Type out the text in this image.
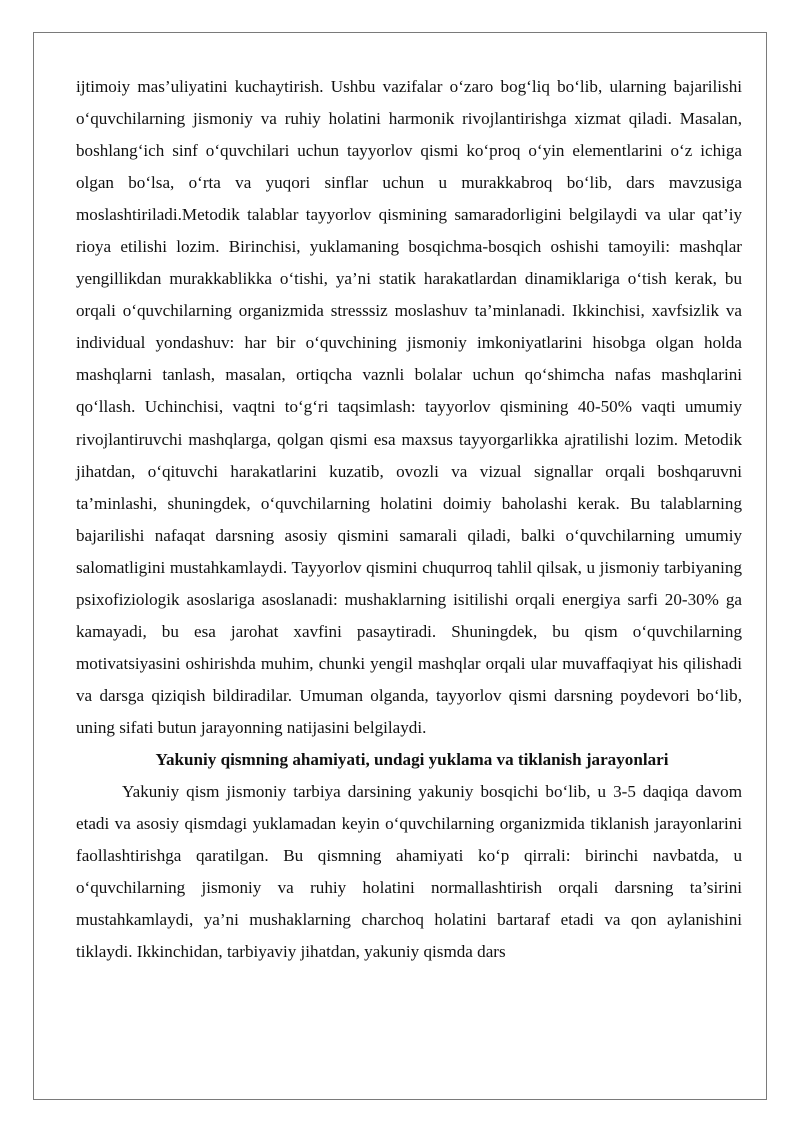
ijtimoiy mas’uliyatini kuchaytirish. Ushbu vazifalar o‘zaro bog‘liq bo‘lib, ularning bajarilishi o‘quvchilarning jismoniy va ruhiy holatini harmonik rivojlantirishga xizmat qiladi. Masalan, boshlang‘ich sinf o‘quvchilari uchun tayyorlov qismi ko‘proq o‘yin elementlarini o‘z ichiga olgan bo‘lsa, o‘rta va yuqori sinflar uchun u murakkabroq bo‘lib, dars mavzusiga moslashtiriladi.Metodik talablar tayyorlov qismining samaradorligini belgilaydi va ular qat’iy rioya etilishi lozim. Birinchisi, yuklamaning bosqichma-bosqich oshishi tamoyili: mashqlar yengillikdan murakkablikka o‘tishi, ya’ni statik harakatlardan dinamiklariga o‘tish kerak, bu orqali o‘quvchilarning organizmida stresssiz moslashuv ta’minlanadi. Ikkinchisi, xavfsizlik va individual yondashuv: har bir o‘quvchining jismoniy imkoniyatlarini hisobga olgan holda mashqlarni tanlash, masalan, ortiqcha vaznli bolalar uchun qo‘shimcha nafas mashqlarini qo‘llash. Uchinchisi, vaqtni to‘g‘ri taqsimlash: tayyorlov qismining 40-50% vaqti umumiy rivojlantiruvchi mashqlarga, qolgan qismi esa maxsus tayyorgarlikka ajratilishi lozim. Metodik jihatdan, o‘qituvchi harakatlarini kuzatib, ovozli va vizual signallar orqali boshqaruvni ta’minlashi, shuningdek, o‘quvchilarning holatini doimiy baholashi kerak. Bu talablarning bajarilishi nafaqat darsning asosiy qismini samarali qiladi, balki o‘quvchilarning umumiy salomatligini mustahkamlaydi. Tayyorlov qismini chuqurroq tahlil qilsak, u jismoniy tarbiyaning psixofiziologik asoslariga asoslanadi: mushaklarning isitilishi orqali energiya sarfi 20-30% ga kamayadi, bu esa jarohat xavfini pasaytiradi. Shuningdek, bu qism o‘quvchilarning motivatsiyasini oshirishda muhim, chunki yengil mashqlar orqali ular muvaffaqiyat his qilishadi va darsga qiziqish bildiradilar. Umuman olganda, tayyorlov qismi darsning poydevori bo‘lib, uning sifati butun jarayonning natijasini belgilaydi.

Yakuniy qismning ahamiyati, undagi yuklama va tiklanish jarayonlari

Yakuniy qism jismoniy tarbiya darsining yakuniy bosqichi bo‘lib, u 3-5 daqiqa davom etadi va asosiy qismdagi yuklamadan keyin o‘quvchilarning organizmida tiklanish jarayonlarini faollashtirishga qaratilgan. Bu qismning ahamiyati ko‘p qirrali: birinchi navbatda, u o‘quvchilarning jismoniy va ruhiy holatini normallashtirish orqali darsning ta’sirini mustahkamlaydi, ya’ni mushaklarning charchoq holatini bartaraf etadi va qon aylanishini tiklaydi. Ikkinchidan, tarbiyaviy jihatdan, yakuniy qismda dars
